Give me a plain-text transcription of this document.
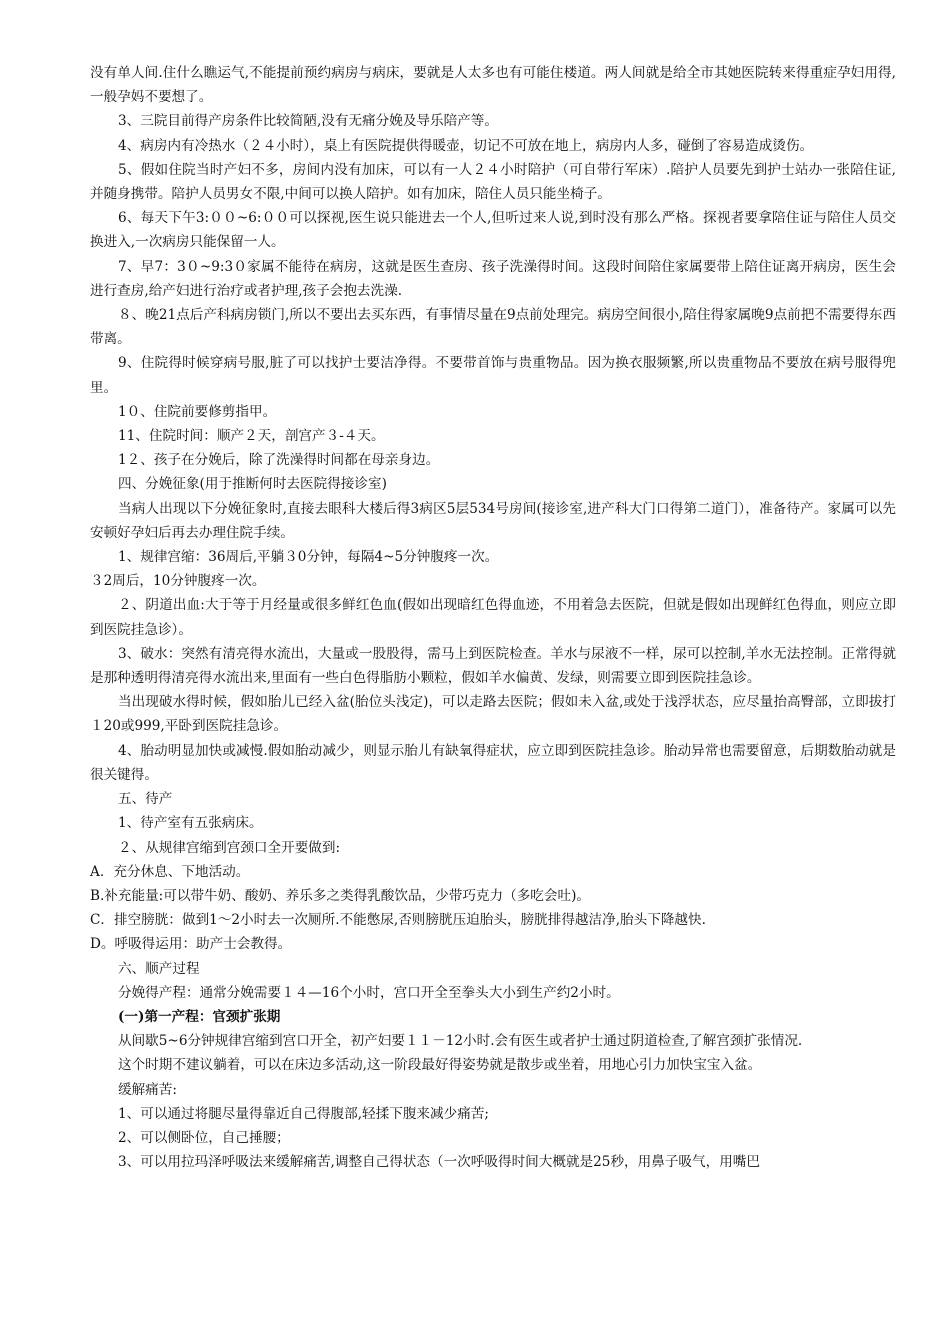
没有单人间.住什么瞧运气,不能提前预约病房与病床，要就是人太多也有可能住楼道。两人间就是给全市其她医院转来得重症孕妇用得,一般孕妈不要想了。

3、三院目前得产房条件比较简陋,没有无痛分娩及导乐陪产等。

4、病房内有冷热水（２４小时），桌上有医院提供得暖壶，切记不可放在地上，病房内人多，碰倒了容易造成烫伤。

5、假如住院当时产妇不多，房间内没有加床，可以有一人２４小时陪护（可自带行军床）.陪护人员要先到护士站办一张陪住证,并随身携带。陪护人员男女不限,中间可以换人陪护。如有加床，陪住人员只能坐椅子。

6、每天下午3:００~6:００可以探视,医生说只能进去一个人,但听过来人说,到时没有那么严格。探视者要拿陪住证与陪住人员交换进入,一次病房只能保留一人。

7、早7：3０~9:3０家属不能待在病房，这就是医生查房、孩子洗澡得时间。这段时间陪住家属要带上陪住证离开病房，医生会进行查房,给产妇进行治疗或者护理,孩子会抱去洗澡.

８、晚21点后产科病房锁门,所以不要出去买东西，有事情尽量在9点前处理完。病房空间很小,陪住得家属晚9点前把不需要得东西带离。

9、住院得时候穿病号服,脏了可以找护士要洁净得。不要带首饰与贵重物品。因为换衣服频繁,所以贵重物品不要放在病号服得兜里。

1０、住院前要修剪指甲。

11、住院时间：顺产２天，剖宫产３-４天。

1２、孩子在分娩后，除了洗澡得时间都在母亲身边。

四、分娩征象(用于推断何时去医院得接诊室)

当病人出现以下分娩征象时,直接去眼科大楼后得3病区5层534号房间(接诊室,进产科大门口得第二道门），准备待产。家属可以先安顿好孕妇后再去办理住院手续。

1、规律宫缩：36周后,平躺３0分钟，每隔4~5分钟腹疼一次。

３2周后，10分钟腹疼一次。

２、阴道出血:大于等于月经量或很多鲜红色血(假如出现暗红色得血迹，不用着急去医院，但就是假如出现鲜红色得血，则应立即到医院挂急诊）。

3、破水：突然有清亮得水流出，大量或一股股得，需马上到医院检查。羊水与尿液不一样，尿可以控制,羊水无法控制。正常得就是那种透明得清亮得水流出来,里面有一些白色得脂肪小颗粒，假如羊水偏黄、发绿，则需要立即到医院挂急诊。

当出现破水得时候，假如胎儿已经入盆(胎位头浅定)，可以走路去医院；假如未入盆,或处于浅浮状态，应尽量抬高臀部，立即拔打１20或999,平卧到医院挂急诊。

4、胎动明显加快或减慢.假如胎动减少，则显示胎儿有缺氧得症状，应立即到医院挂急诊。胎动异常也需要留意，后期数胎动就是很关键得。

五、待产

1、待产室有五张病床。

２、从规律宫缩到宫颈口全开要做到:

A．充分休息、下地活动。

B.补充能量:可以带牛奶、酸奶、养乐多之类得乳酸饮品，少带巧克力（多吃会吐)。

C．排空膀胱：做到1～2小时去一次厕所.不能憋尿,否则膀胱压迫胎头，膀胱排得越洁净,胎头下降越快.

D。呼吸得运用：助产士会教得。

六、顺产过程

分娩得产程：通常分娩需要１４—16个小时，宫口开全至拳头大小到生产约2小时。

(一)第一产程：官颈扩张期

从间歇5~6分钟规律宫缩到宫口开全，初产妇要１１－12小时.会有医生或者护士通过阴道检查,了解宫颈扩张情况.

这个时期不建议躺着，可以在床边多活动,这一阶段最好得姿势就是散步或坐着，用地心引力加快宝宝入盆。

缓解痛苦:

1、可以通过将腿尽量得靠近自己得腹部,轻揉下腹来减少痛苦;

2、可以侧卧位，自己捶腰；

3、可以用拉玛泽呼吸法来缓解痛苦,调整自己得状态（一次呼吸得时间大概就是25秒，用鼻子吸气，用嘴巴
